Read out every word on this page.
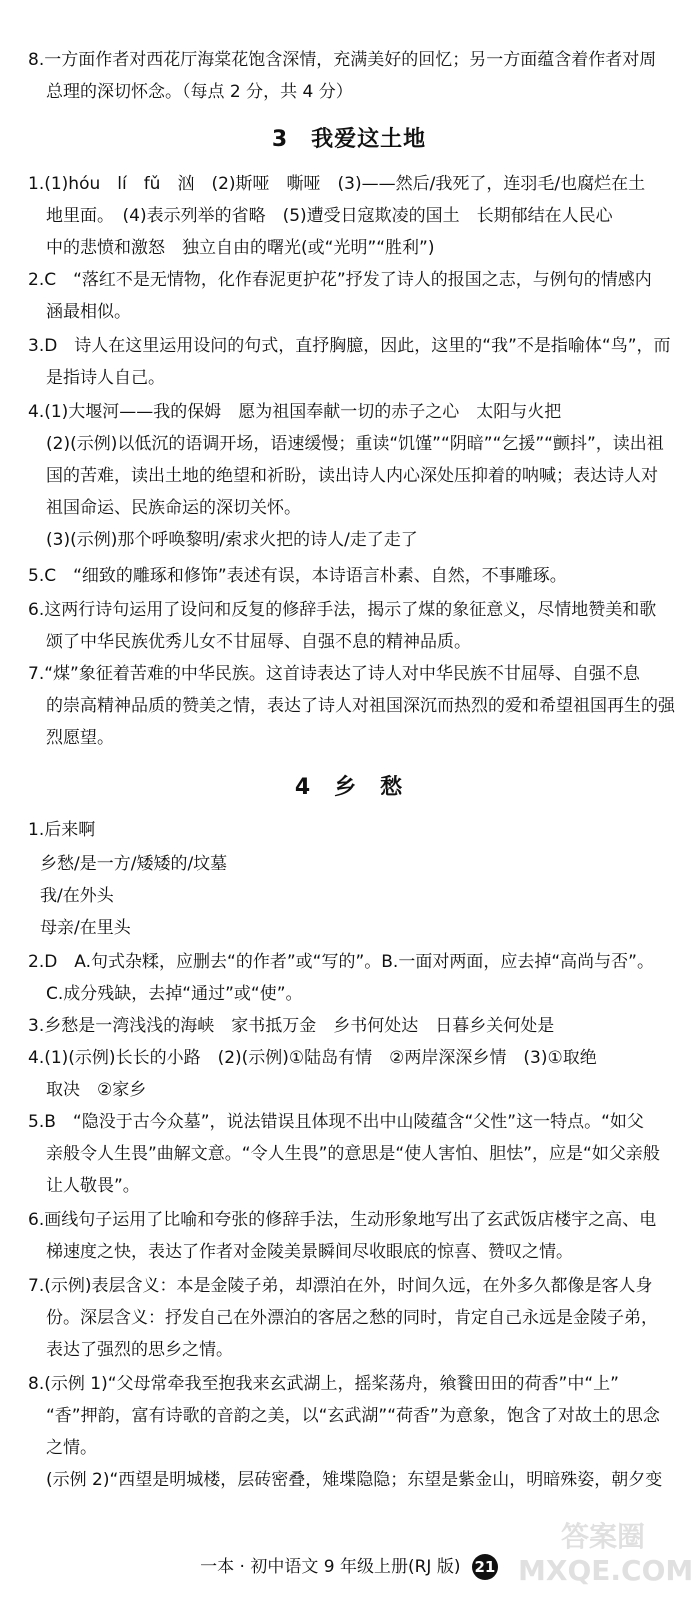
8.一方面作者对西花厅海棠花饱含深情，充满美好的回忆；另一方面蕴含着作者对周
总理的深切怀念。（每点 2 分，共 4 分）
3　我爱这土地
1.(1)hóu　lí　fǔ　汹　(2)斯哑　嘶哑　(3)——然后/我死了，连羽毛/也腐烂在土
地里面。　(4)表示列举的省略　(5)遭受日寇欺凌的国土　长期郁结在人民心
中的悲愤和激怒　独立自由的曙光(或“光明”“胜利”)
2.C　“落红不是无情物，化作春泥更护花”抒发了诗人的报国之志，与例句的情感内
涵最相似。
3.D　诗人在这里运用设问的句式，直抒胸臆，因此，这里的“我”不是指喻体“鸟”，而
是指诗人自己。
4.(1)大堰河——我的保姆　愿为祖国奉献一切的赤子之心　太阳与火把
(2)(示例)以低沉的语调开场，语速缓慢；重读“饥馑”“阴暗”“乞援”“颤抖”，读出祖
国的苦难，读出土地的绝望和祈盼，读出诗人内心深处压抑着的呐喊；表达诗人对
祖国命运、民族命运的深切关怀。
(3)(示例)那个呼唤黎明/索求火把的诗人/走了走了
5.C　“细致的雕琢和修饰”表述有误，本诗语言朴素、自然，不事雕琢。
6.这两行诗句运用了设问和反复的修辞手法，揭示了煤的象征意义，尽情地赞美和歌
颂了中华民族优秀儿女不甘屈辱、自强不息的精神品质。
7.“煤”象征着苦难的中华民族。这首诗表达了诗人对中华民族不甘屈辱、自强不息
的崇高精神品质的赞美之情，表达了诗人对祖国深沉而热烈的爱和希望祖国再生的强
烈愿望。
4　乡　愁
1.后来啊
乡愁/是一方/矮矮的/坟墓
我/在外头
母亲/在里头
2.D　A.句式杂糅，应删去“的作者”或“写的”。B.一面对两面，应去掉“高尚与否”。
C.成分残缺，去掉“通过”或“使”。
3.乡愁是一湾浅浅的海峡　家书抵万金　乡书何处达　日暮乡关何处是
4.(1)(示例)长长的小路　(2)(示例)①陆岛有情　②两岸深深乡情　(3)①取绝
取决　②家乡
5.B　“隐没于古今众墓”，说法错误且体现不出中山陵蕴含“父性”这一特点。“如父
亲般令人生畏”曲解文意。“令人生畏”的意思是“使人害怕、胆怯”，应是“如父亲般
让人敬畏”。
6.画线句子运用了比喻和夸张的修辞手法，生动形象地写出了玄武饭店楼宇之高、电
梯速度之快，表达了作者对金陵美景瞬间尽收眼底的惊喜、赞叹之情。
7.(示例)表层含义：本是金陵子弟，却漂泊在外，时间久远，在外多久都像是客人身
份。深层含义：抒发自己在外漂泊的客居之愁的同时，肯定自己永远是金陵子弟，
表达了强烈的思乡之情。
8.(示例 1)“父母常牵我至抱我来玄武湖上，摇桨荡舟，飨餮田田的荷香”中“上”
“香”押韵，富有诗歌的音韵之美，以“玄武湖”“荷香”为意象，饱含了对故土的思念
之情。
(示例 2)“西望是明城楼，层砖密叠，雉堞隐隐；东望是紫金山，明暗殊姿，朝夕变
一本 · 初中语文 9 年级上册(RJ 版) 21
答案圈
MXQE.COM
